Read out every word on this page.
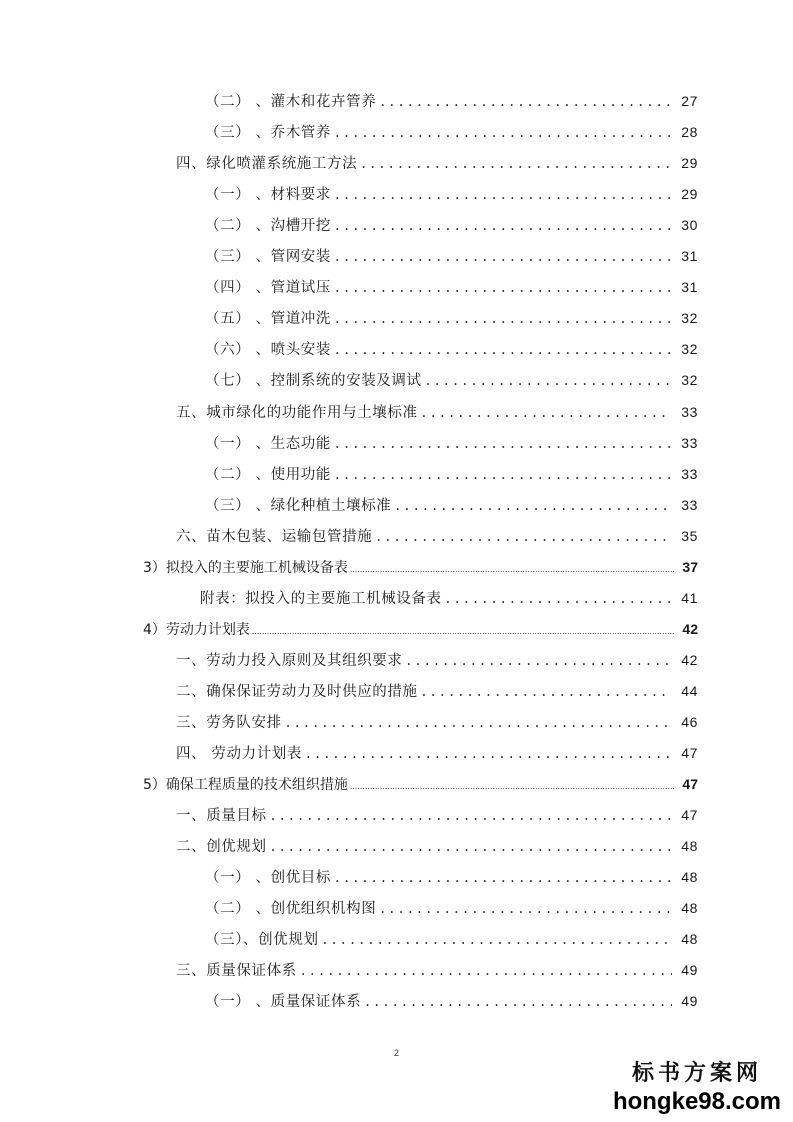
（二） 、灌木和花卉管养 . . .	27
（三） 、乔木管养 . . .	28
四、绿化喷灌系统施工方法 . . .	29
（一） 、材料要求 . . .	29
（二） 、沟槽开挖 . . .	30
（三） 、管网安装 . . .	31
（四） 、管道试压 . . .	31
（五） 、管道冲洗 . . .	32
（六） 、喷头安装 . . .	32
（七） 、控制系统的安装及调试 . . .	32
五、城市绿化的功能作用与土壤标准 . . .	33
（一） 、生态功能 . . .	33
（二） 、使用功能 . . .	33
（三） 、绿化种植土壤标准 . . .	33
六、苗木包装、运输包管措施 . . .	35
3）拟投入的主要施工机械设备表 .....	37
附表：拟投入的主要施工机械设备表 . . .	41
4）劳动力计划表 .....	42
一、劳动力投入原则及其组织要求 . . .	42
二、确保保证劳动力及时供应的措施 . . .	44
三、劳务队安排 . . .	46
四、 劳动力计划表 . . .	47
5）确保工程质量的技术组织措施 .....	47
一、质量目标 . . .	47
二、创优规划 . . .	48
（一） 、创优目标 . . .	48
（二） 、创优组织机构图 . . .	48
（三）、创优规划 . . .	48
三、质量保证体系 . . .	49
（一） 、质量保证体系 . . .	49
2
标书方案网
hongke98.com
